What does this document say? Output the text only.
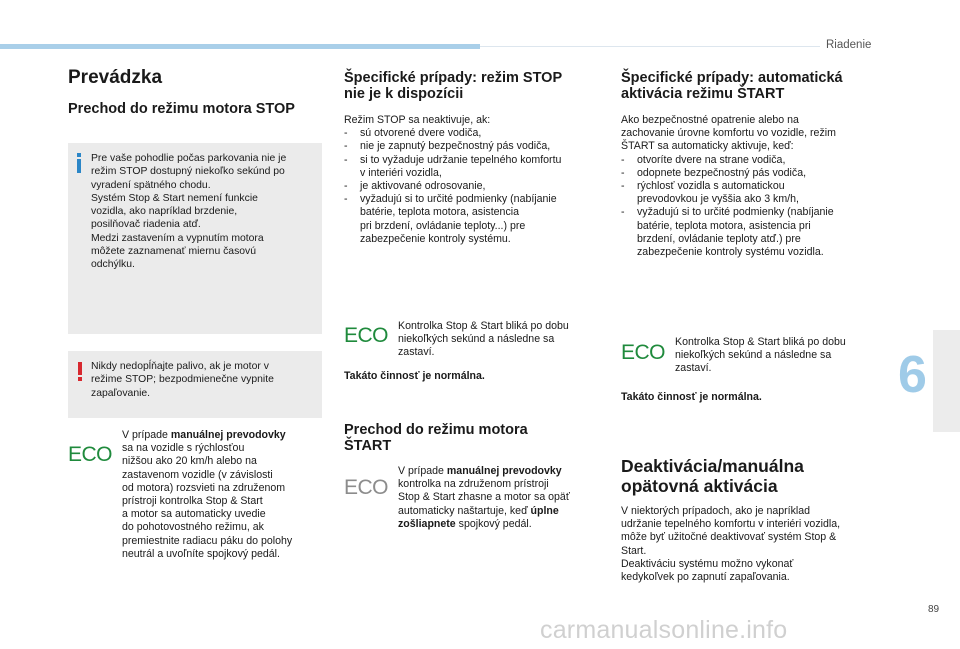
Riadenie
6
Prevádzka
Prechod do režimu motora STOP

Pre vaše pohodlie počas parkovania nie je

režim STOP dostupný niekoľko sekúnd po

vyradení spätného chodu.

Systém Stop & Start nemení funkcie

vozidla, ako napríklad brzdenie,

posilňovač riadenia atď.

Medzi zastavením a vypnutím motora

môžete zaznamenať miernu časovú

odchýlku.

Nikdy nedopĺňajte palivo, ak je motor v

režime STOP; bezpodmienečne vypnite

zapaľovanie.

ECO

V prípade manuálnej prevodovky

sa na vozidle s rýchlosťou

nižšou ako 20 km/h alebo na

zastavenom vozidle (v závislosti

od motora) rozsvieti na združenom

prístroji kontrolka Stop & Start

a motor sa automaticky uvedie

do pohotovostného režimu, ak

premiestnite radiacu páku do polohy

neutrál a uvoľníte spojkový pedál.

Špecifické prípady: režim STOP
nie je k dispozícii

Režim STOP sa neaktivuje, ak:

- sú otvorené dvere vodiča,
- nie je zapnutý bezpečnostný pás vodiča,
- si to vyžaduje udržanie tepelného komfortu
v interiéri vozidla,
- je aktivované odrosovanie,
- vyžadujú si to určité podmienky (nabíjanie
batérie, teplota motora, asistencia
pri brzdení, ovládanie teploty...) pre
zabezpečenie kontroly systému.
ECO Kontrolka Stop & Start bliká po dobu

niekoľkých sekúnd a následne sa

zastaví.

Takáto činnosť je normálna.

Prechod do režimu motora
ŠTART
ECO

V prípade manuálnej prevodovky

kontrolka na združenom prístroji

Stop & Start zhasne a motor sa opäť

automaticky naštartuje, keď úplne

zošliapnete spojkový pedál.

Špecifické prípady: automatická
aktivácia režimu ŠTART

Ako bezpečnostné opatrenie alebo na

zachovanie úrovne komfortu vo vozidle, režim

ŠTART sa automaticky aktivuje, keď:

- otvoríte dvere na strane vodiča,
- odopnete bezpečnostný pás vodiča,
- rýchlosť vozidla s automatickou
prevodovkou je vyššia ako 3 km/h,
- vyžadujú si to určité podmienky (nabíjanie
batérie, teplota motora, asistencia pri
brzdení, ovládanie teploty atď.) pre
zabezpečenie kontroly systému vozidla.
ECO Kontrolka Stop & Start bliká po dobu

niekoľkých sekúnd a následne sa

zastaví.

Takáto činnosť je normálna.

Deaktivácia/manuálna
opätovná aktivácia

V niektorých prípadoch, ako je napríklad

udržanie tepelného komfortu v interiéri vozidla,

môže byť užitočné deaktivovať systém Stop &

Start.

Deaktiváciu systému možno vykonať

kedykoľvek po zapnutí zapaľovania.

89
carmanualsonline.info
